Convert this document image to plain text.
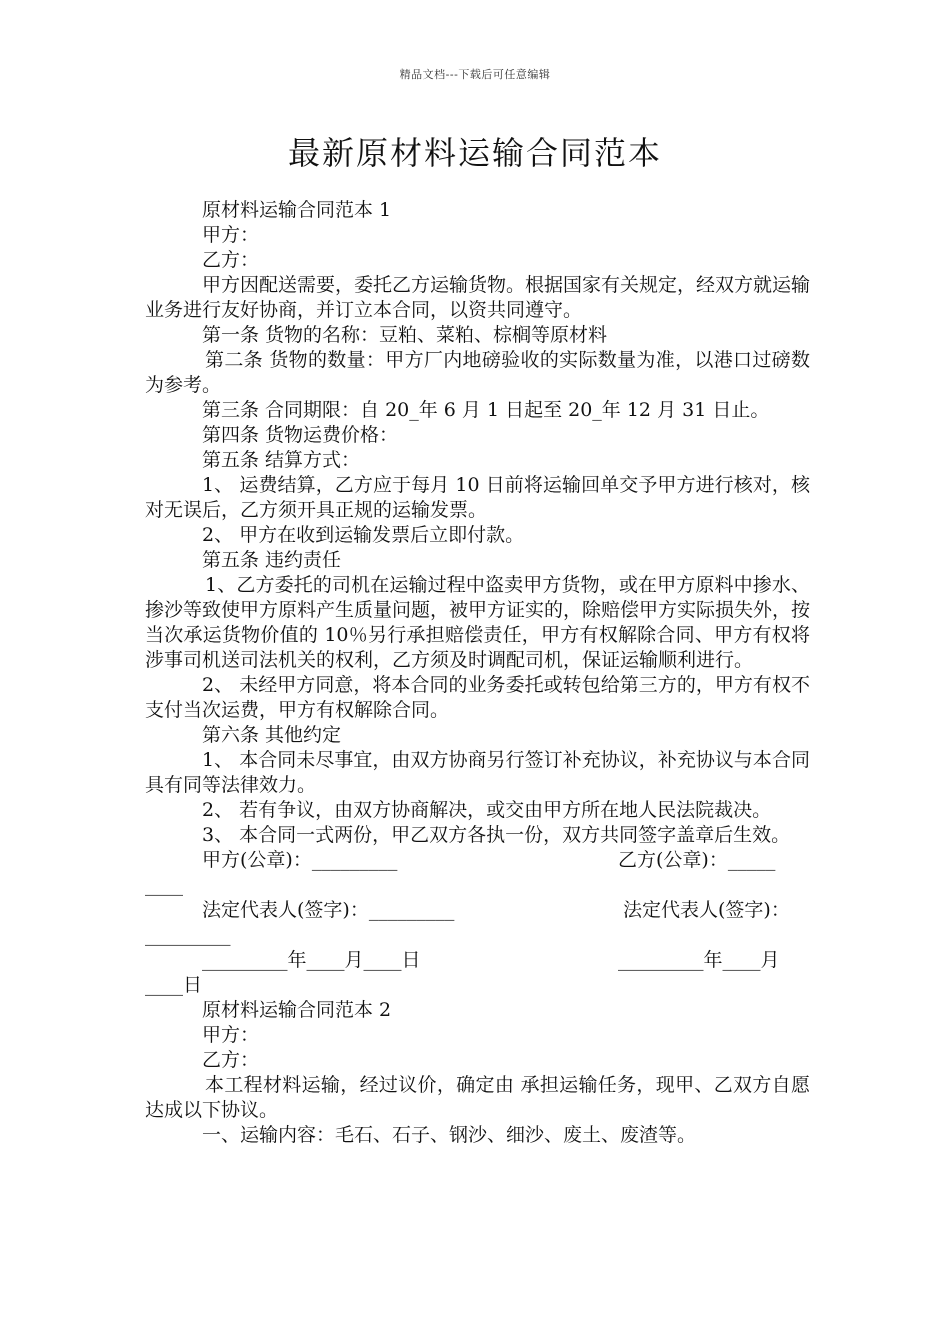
精品文档---下载后可任意编辑
最新原材料运输合同范本

原材料运输合同范本 1

甲方：

乙方：

甲方因配送需要，委托乙方运输货物。根据国家有关规定，经双方就运输业务进行友好协商，并订立本合同，以资共同遵守。

第一条 货物的名称：豆粕、菜粕、棕榈等原材料

第二条 货物的数量：甲方厂内地磅验收的实际数量为准，以港口过磅数为参考。

第三条 合同期限：自 20_年 6 月 1 日起至 20_年 12 月 31 日止。

第四条 货物运费价格：

第五条 结算方式：

1、 运费结算，乙方应于每月 10 日前将运输回单交予甲方进行核对，核对无误后，乙方须开具正规的运输发票。

2、 甲方在收到运输发票后立即付款。

第五条 违约责任

1、乙方委托的司机在运输过程中盗卖甲方货物，或在甲方原料中掺水、掺沙等致使甲方原料产生质量问题，被甲方证实的，除赔偿甲方实际损失外，按当次承运货物价值的 10％另行承担赔偿责任，甲方有权解除合同、甲方有权将涉事司机送司法机关的权利，乙方须及时调配司机，保证运输顺利进行。

2、 未经甲方同意，将本合同的业务委托或转包给第三方的，甲方有权不支付当次运费，甲方有权解除合同。

第六条 其他约定

1、 本合同未尽事宜，由双方协商另行签订补充协议，补充协议与本合同具有同等法律效力。

2、 若有争议，由双方协商解决，或交由甲方所在地人民法院裁决。

3、 本合同一式两份，甲乙双方各执一份，双方共同签字盖章后生效。

甲方(公章)：_________	乙方(公章)：_____
____
法定代表人(签字)：_________	法定代表人(签字)：
_________
_________年____月____日	_________年____月
____日

原材料运输合同范本 2

甲方：

乙方：

本工程材料运输，经过议价，确定由 承担运输任务，现甲、乙双方自愿达成以下协议。

一、运输内容：毛石、石子、钢沙、细沙、废土、废渣等。
